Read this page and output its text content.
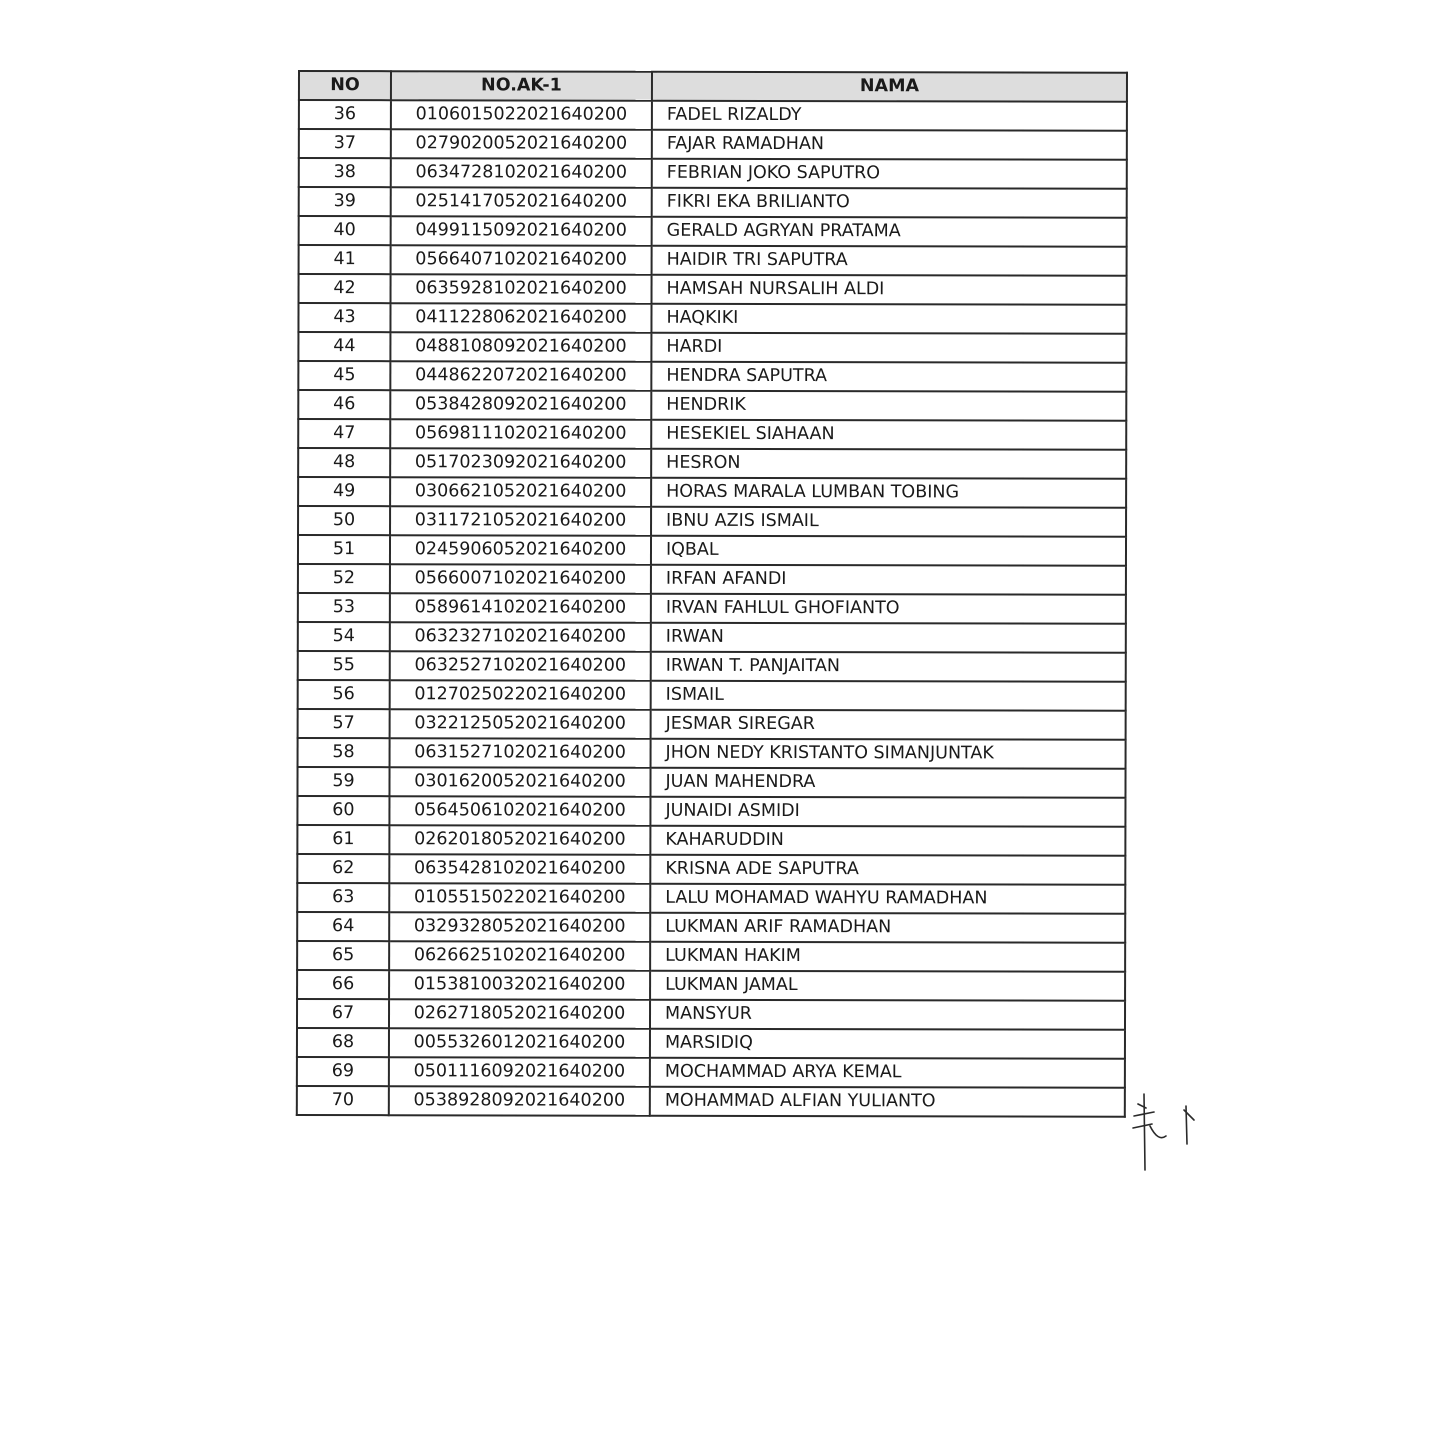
NO	NO.AK-1	NAMA
36	0106015022021640200	FADEL RIZALDY
37	0279020052021640200	FAJAR RAMADHAN
38	0634728102021640200	FEBRIAN JOKO SAPUTRO
39	0251417052021640200	FIKRI EKA BRILIANTO
40	0499115092021640200	GERALD AGRYAN PRATAMA
41	0566407102021640200	HAIDIR TRI SAPUTRA
42	0635928102021640200	HAMSAH NURSALIH ALDI
43	0411228062021640200	HAQKIKI
44	0488108092021640200	HARDI
45	0448622072021640200	HENDRA SAPUTRA
46	0538428092021640200	HENDRIK
47	0569811102021640200	HESEKIEL SIAHAAN
48	0517023092021640200	HESRON
49	0306621052021640200	HORAS MARALA LUMBAN TOBING
50	0311721052021640200	IBNU AZIS ISMAIL
51	0245906052021640200	IQBAL
52	0566007102021640200	IRFAN AFANDI
53	0589614102021640200	IRVAN FAHLUL GHOFIANTO
54	0632327102021640200	IRWAN
55	0632527102021640200	IRWAN T. PANJAITAN
56	0127025022021640200	ISMAIL
57	0322125052021640200	JESMAR SIREGAR
58	0631527102021640200	JHON NEDY KRISTANTO SIMANJUNTAK
59	0301620052021640200	JUAN MAHENDRA
60	0564506102021640200	JUNAIDI ASMIDI
61	0262018052021640200	KAHARUDDIN
62	0635428102021640200	KRISNA ADE SAPUTRA
63	0105515022021640200	LALU MOHAMAD WAHYU RAMADHAN
64	0329328052021640200	LUKMAN ARIF RAMADHAN
65	0626625102021640200	LUKMAN HAKIM
66	0153810032021640200	LUKMAN JAMAL
67	0262718052021640200	MANSYUR
68	0055326012021640200	MARSIDIQ
69	0501116092021640200	MOCHAMMAD ARYA KEMAL
70	0538928092021640200	MOHAMMAD ALFIAN YULIANTO
